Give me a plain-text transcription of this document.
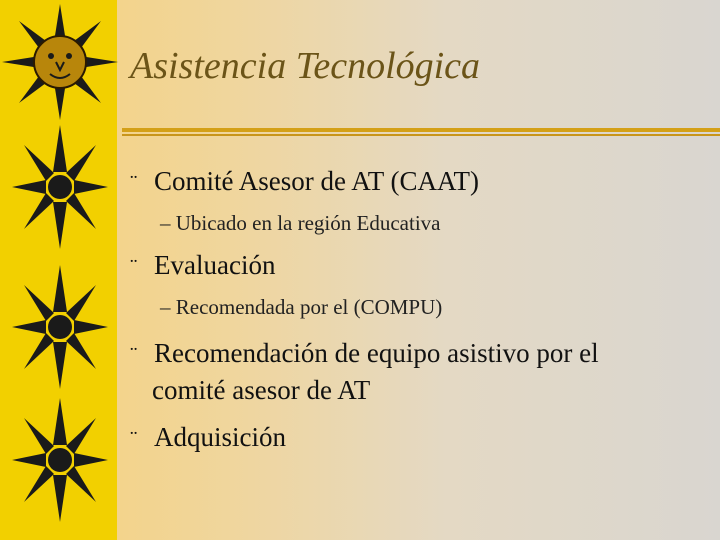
Asistencia Tecnológica
¨ Comité Asesor de AT (CAAT)
– Ubicado en la región Educativa
¨ Evaluación
– Recomendada por el (COMPU)
¨ Recomendación de equipo asistivo por el
comité asesor de AT
¨ Adquisición
